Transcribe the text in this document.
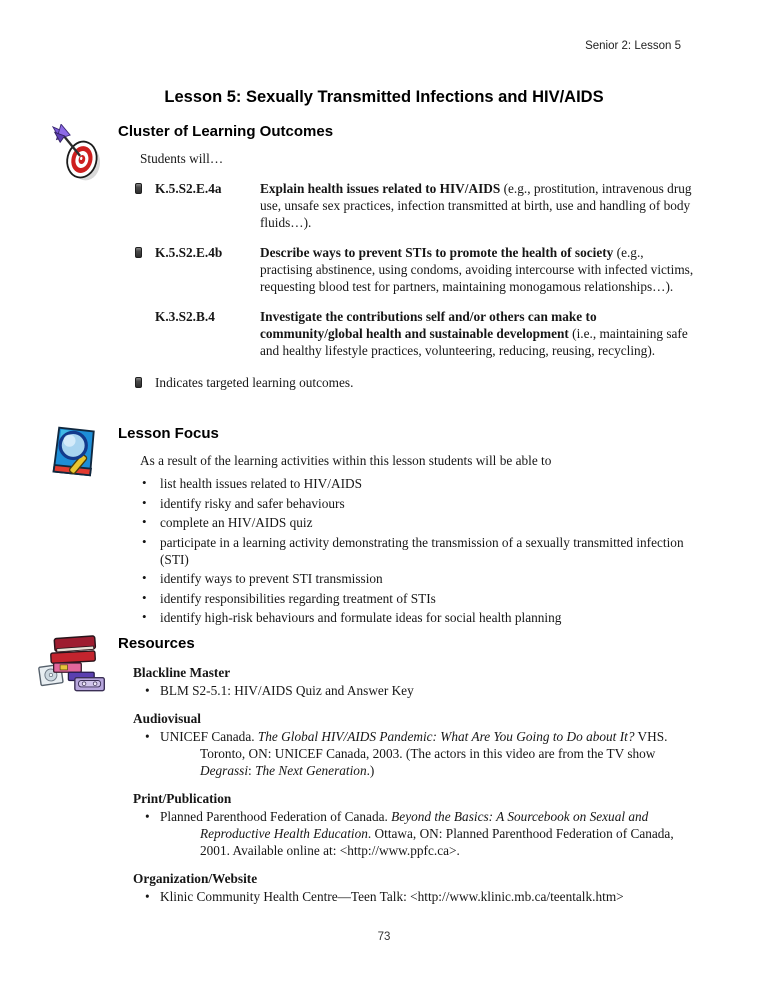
Senior 2: Lesson 5
Lesson 5: Sexually Transmitted Infections and HIV/AIDS
Cluster of Learning Outcomes

Students will…

K.5.S2.E.4a	Explain health issues related to HIV/AIDS (e.g., prostitution, intravenous drug use, unsafe sex practices, infection transmitted at birth, use and handling of body fluids…).

K.5.S2.E.4b	Describe ways to prevent STIs to promote the health of society (e.g., practising abstinence, using condoms, avoiding intercourse with infected victims, requesting blood test for partners, maintaining monogamous relationships…).

K.3.S2.B.4	Investigate the contributions self and/or others can make to community/global health and sustainable development (i.e., maintaining safe and healthy lifestyle practices, volunteering, reducing, reusing, recycling).

Indicates targeted learning outcomes.
Lesson Focus

As a result of the learning activities within this lesson students will be able to

• list health issues related to HIV/AIDS
• identify risky and safer behaviours
• complete an HIV/AIDS quiz
• participate in a learning activity demonstrating the transmission of a sexually transmitted infection (STI)
• identify ways to prevent STI transmission
• identify responsibilities regarding treatment of STIs
• identify high-risk behaviours and formulate ideas for social health planning
Resources

Blackline Master

• BLM S2-5.1: HIV/AIDS Quiz and Answer Key

Audiovisual

• UNICEF Canada. The Global HIV/AIDS Pandemic: What Are You Going to Do about It? VHS. Toronto, ON: UNICEF Canada, 2003. (The actors in this video are from the TV show Degrassi: The Next Generation.)

Print/Publication

• Planned Parenthood Federation of Canada. Beyond the Basics: A Sourcebook on Sexual and Reproductive Health Education. Ottawa, ON: Planned Parenthood Federation of Canada, 2001. Available online at: <http://www.ppfc.ca>.

Organization/Website

• Klinic Community Health Centre—Teen Talk: <http://www.klinic.mb.ca/teentalk.htm>
73
